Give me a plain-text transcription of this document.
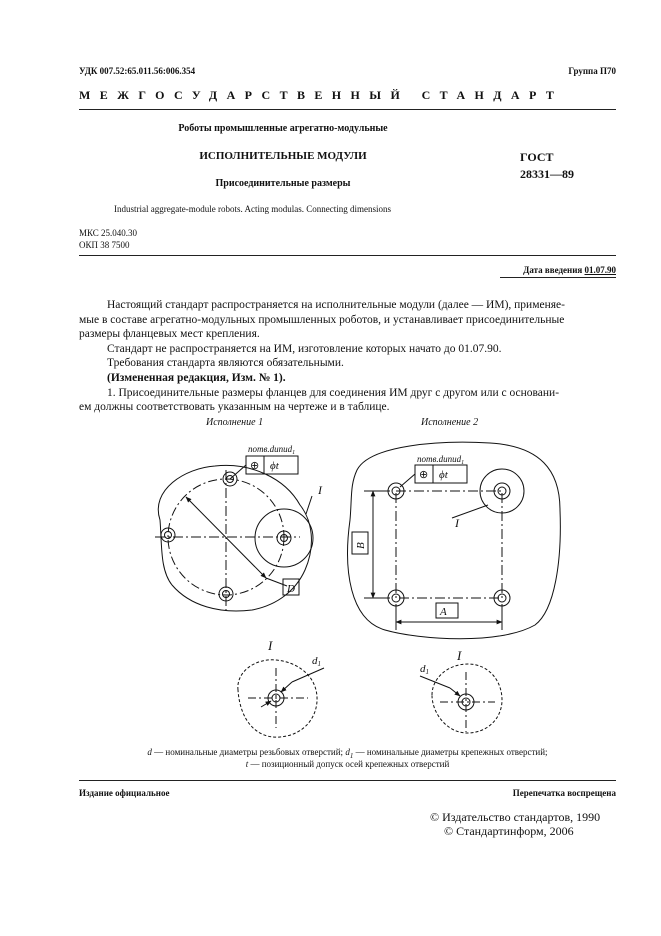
УДК 007.52:65.011.56:006.354	Группа П70
МЕЖГОСУДАРСТВЕННЫЙ СТАНДАРТ
Роботы промышленные агрегатно-модульные
ИСПОЛНИТЕЛЬНЫЕ МОДУЛИ
Присоединительные размеры
ГОСТ
28331—89
Industrial aggregate-module robots. Acting modulas. Connecting dimensions
МКС 25.040.30
ОКП 38 7500
Дата введения 01.07.90
Настоящий стандарт распространяется на исполнительные модули (далее — ИМ), применяе-
мые в составе агрегатно-модульных промышленных роботов, и устанавливает присоединительные
размеры фланцевых мест крепления.
Стандарт не распространяется на ИМ, изготовление которых начато до 01.07.90.
Требования стандарта являются обязательными.
(Измененная редакция, Изм. № 1).
1. Присоединительные размеры фланцев для соединения ИМ друг с другом или с основани-
ем должны соответствовать указанным на чертеже и в таблице.
Исполнение 1	Исполнение 2
nотв.dunud$_1$
nотв.dunud$_1$
⊕
⊕
ϕt
ϕt
I
I
D
B
A
I
I
d1	d1
d — номинальные диаметры резьбовых отверстий; $d_1$ — номинальные диаметры крепежных отверстий;
t — позиционный допуск осей крепежных отверстий
Издание официальное	Перепечатка воспрещена
© Издательство стандартов, 1990
© Стандартинформ, 2006
